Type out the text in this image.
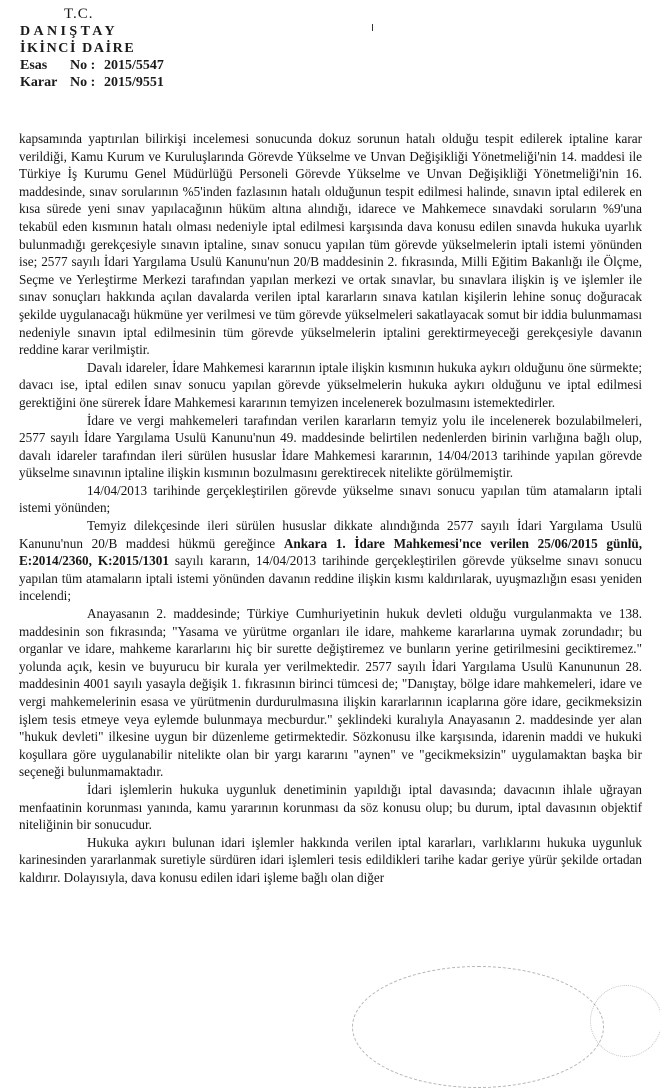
T.C.
DANIŞTAY
İKİNCİ DAİRE
Esas	No : 2015/5547
Karar No : 2015/9551

kapsamında yaptırılan bilirkişi incelemesi sonucunda dokuz sorunun hatalı olduğu tespit edilerek iptaline karar verildiği, Kamu Kurum ve Kuruluşlarında Görevde Yükselme ve Unvan Değişikliği Yönetmeliği'nin 14. maddesi ile Türkiye İş Kurumu Genel Müdürlüğü Personeli Görevde Yükselme ve Unvan Değişikliği Yönetmeliği'nin 16. maddesinde, sınav sorularının %5'inden fazlasının hatalı olduğunun tespit edilmesi halinde, sınavın iptal edilerek en kısa sürede yeni sınav yapılacağının hüküm altına alındığı, idarece ve Mahkemece sınavdaki soruların %9'una tekabül eden kısmının hatalı olması nedeniyle iptal edilmesi karşısında dava konusu edilen sınavda hukuka uyarlık bulunmadığı gerekçesiyle sınavın iptaline, sınav sonucu yapılan tüm görevde yükselmelerin iptali istemi yönünden ise; 2577 sayılı İdari Yargılama Usulü Kanunu'nun 20/B maddesinin 2. fıkrasında, Milli Eğitim Bakanlığı ile Ölçme, Seçme ve Yerleştirme Merkezi tarafından yapılan merkezi ve ortak sınavlar, bu sınavlara ilişkin iş ve işlemler ile sınav sonuçları hakkında açılan davalarda verilen iptal kararların sınava katılan kişilerin lehine sonuç doğuracak şekilde uygulanacağı hükmüne yer verilmesi ve tüm görevde yükselmeleri sakatlayacak somut bir iddia bulunmaması nedeniyle sınavın iptal edilmesinin tüm görevde yükselmelerin iptalini gerektirmeyeceği gerekçesiyle davanın reddine karar verilmiştir.

Davalı idareler, İdare Mahkemesi kararının iptale ilişkin kısmının hukuka aykırı olduğunu öne sürmekte; davacı ise, iptal edilen sınav sonucu yapılan görevde yükselmelerin hukuka aykırı olduğunu ve iptal edilmesi gerektiğini öne sürerek İdare Mahkemesi kararının temyizen incelenerek bozulmasını istemektedirler.

İdare ve vergi mahkemeleri tarafından verilen kararların temyiz yolu ile incelenerek bozulabilmeleri, 2577 sayılı İdare Yargılama Usulü Kanunu'nun 49. maddesinde belirtilen nedenlerden birinin varlığına bağlı olup, davalı idareler tarafından ileri sürülen hususlar İdare Mahkemesi kararının, 14/04/2013 tarihinde yapılan görevde yükselme sınavının iptaline ilişkin kısmının bozulmasını gerektirecek nitelikte görülmemiştir.

14/04/2013 tarihinde gerçekleştirilen görevde yükselme sınavı sonucu yapılan tüm atamaların iptali istemi yönünden;

Temyiz dilekçesinde ileri sürülen hususlar dikkate alındığında 2577 sayılı İdari Yargılama Usulü Kanunu'nun 20/B maddesi hükmü gereğince Ankara 1. İdare Mahkemesi'nce verilen 25/06/2015 günlü, E:2014/2360, K:2015/1301 sayılı kararın, 14/04/2013 tarihinde gerçekleştirilen görevde yükselme sınavı sonucu yapılan tüm atamaların iptali istemi yönünden davanın reddine ilişkin kısmı kaldırılarak, uyuşmazlığın esası yeniden incelendi;

Anayasanın 2. maddesinde; Türkiye Cumhuriyetinin hukuk devleti olduğu vurgulanmakta ve 138. maddesinin son fıkrasında; "Yasama ve yürütme organları ile idare, mahkeme kararlarına uymak zorundadır; bu organlar ve idare, mahkeme kararlarını hiç bir surette değiştiremez ve bunların yerine getirilmesini geciktiremez." yolunda açık, kesin ve buyurucu bir kurala yer verilmektedir. 2577 sayılı İdari Yargılama Usulü Kanununun 28. maddesinin 4001 sayılı yasayla değişik 1. fıkrasının birinci tümcesi de; "Danıştay, bölge idare mahkemeleri, idare ve vergi mahkemelerinin esasa ve yürütmenin durdurulmasına ilişkin kararlarının icaplarına göre idare, gecikmeksizin işlem tesis etmeye veya eylemde bulunmaya mecburdur." şeklindeki kuralıyla Anayasanın 2. maddesinde yer alan "hukuk devleti" ilkesine uygun bir düzenleme getirmektedir. Sözkonusu ilke karşısında, idarenin maddi ve hukuki koşullara göre uygulanabilir nitelikte olan bir yargı kararını "aynen" ve "gecikmeksizin" uygulamaktan başka bir seçeneği bulunmamaktadır.

İdari işlemlerin hukuka uygunluk denetiminin yapıldığı iptal davasında; davacının ihlale uğrayan menfaatinin korunması yanında, kamu yararının korunması da söz konusu olup; bu durum, iptal davasının objektif niteliğinin bir sonucudur.

Hukuka aykırı bulunan idari işlemler hakkında verilen iptal kararları, varlıklarını hukuka uygunluk karinesinden yararlanmak suretiyle sürdüren idari işlemleri tesis edildikleri tarihe kadar geriye yürür şekilde ortadan kaldırır. Dolayısıyla, dava konusu edilen idari işleme bağlı olan diğer
